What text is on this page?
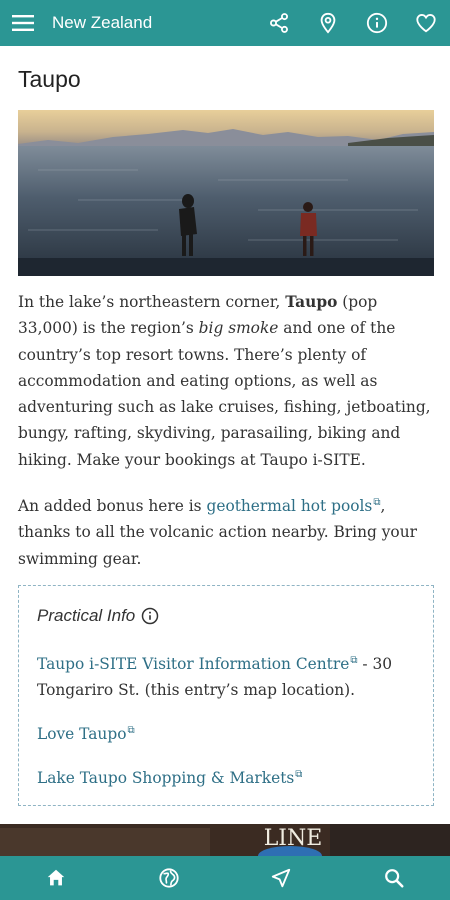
New Zealand
Taupo
In the lake’s northeastern corner, Taupo (pop 33,000) is the region’s big smoke and one of the country’s top resort towns. There’s plenty of accommodation and eating options, as well as adventuring such as lake cruises, fishing, jetboating, bungy, rafting, skydiving, parasailing, biking and hiking. Make your bookings at Taupo i-SITE.
An added bonus here is geothermal hot pools⧉, thanks to all the volcanic action nearby. Bring your swimming gear.
Practical Info
Taupo i-SITE Visitor Information Centre⧉ - 30 Tongariro St. (this entry’s map location).
Love Taupo⧉
Lake Taupo Shopping & Markets⧉
LINE
